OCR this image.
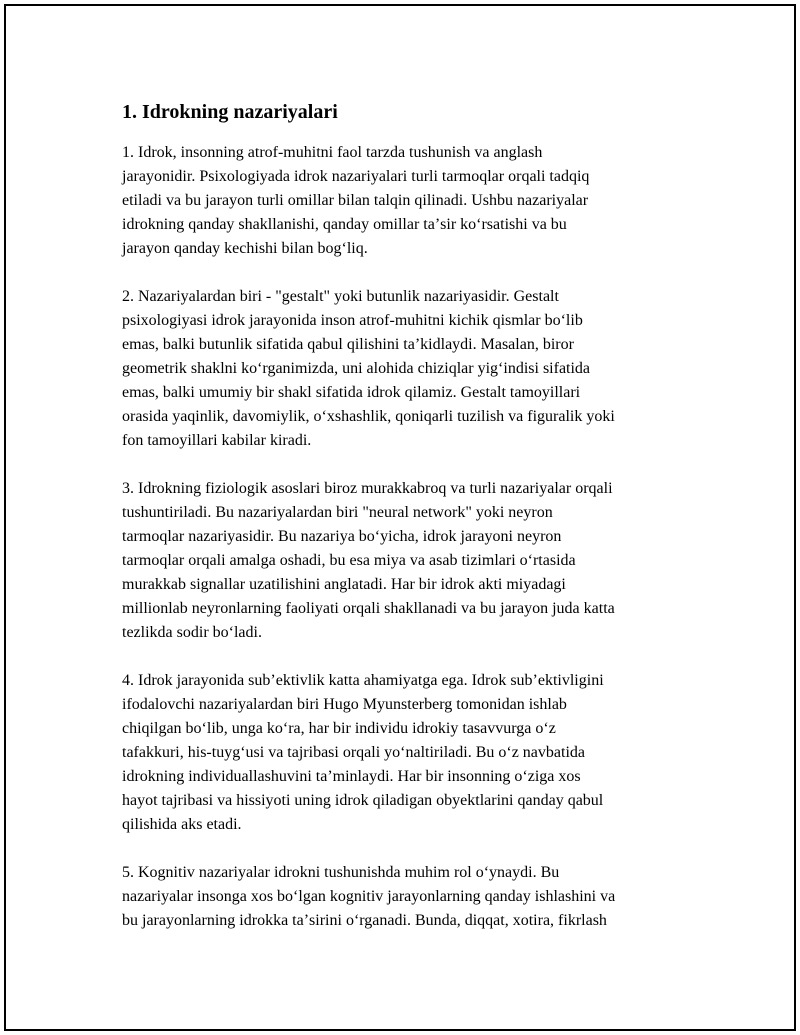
1. Idrokning nazariyalari

1. Idrok, insonning atrof-muhitni faol tarzda tushunish va anglash
jarayonidir. Psixologiyada idrok nazariyalari turli tarmoqlar orqali tadqiq
etiladi va bu jarayon turli omillar bilan talqin qilinadi. Ushbu nazariyalar
idrokning qanday shakllanishi, qanday omillar taʼsir koʻrsatishi va bu
jarayon qanday kechishi bilan bogʻliq.

2. Nazariyalardan biri - "gestalt" yoki butunlik nazariyasidir. Gestalt
psixologiyasi idrok jarayonida inson atrof-muhitni kichik qismlar boʻlib
emas, balki butunlik sifatida qabul qilishini taʼkidlaydi. Masalan, biror
geometrik shaklni koʻrganimizda, uni alohida chiziqlar yigʻindisi sifatida
emas, balki umumiy bir shakl sifatida idrok qilamiz. Gestalt tamoyillari
orasida yaqinlik, davomiylik, oʻxshashlik, qoniqarli tuzilish va figuralik yoki
fon tamoyillari kabilar kiradi.

3. Idrokning fiziologik asoslari biroz murakkabroq va turli nazariyalar orqali
tushuntiriladi. Bu nazariyalardan biri "neural network" yoki neyron
tarmoqlar nazariyasidir. Bu nazariya boʻyicha, idrok jarayoni neyron
tarmoqlar orqali amalga oshadi, bu esa miya va asab tizimlari oʻrtasida
murakkab signallar uzatilishini anglatadi. Har bir idrok akti miyadagi
millionlab neyronlarning faoliyati orqali shakllanadi va bu jarayon juda katta
tezlikda sodir boʻladi.

4. Idrok jarayonida subʼektivlik katta ahamiyatga ega. Idrok subʼektivligini
ifodalovchi nazariyalardan biri Hugo Myunsterberg tomonidan ishlab
chiqilgan boʻlib, unga koʻra, har bir individu idrokiy tasavvurga oʻz
tafakkuri, his-tuygʻusi va tajribasi orqali yoʻnaltiriladi. Bu oʻz navbatida
idrokning individuallashuvini taʼminlaydi. Har bir insonning oʻziga xos
hayot tajribasi va hissiyoti uning idrok qiladigan obyektlarini qanday qabul
qilishida aks etadi.

5. Kognitiv nazariyalar idrokni tushunishda muhim rol oʻynaydi. Bu
nazariyalar insonga xos boʻlgan kognitiv jarayonlarning qanday ishlashini va
bu jarayonlarning idrokka taʼsirini oʻrganadi. Bunda, diqqat, xotira, fikrlash
